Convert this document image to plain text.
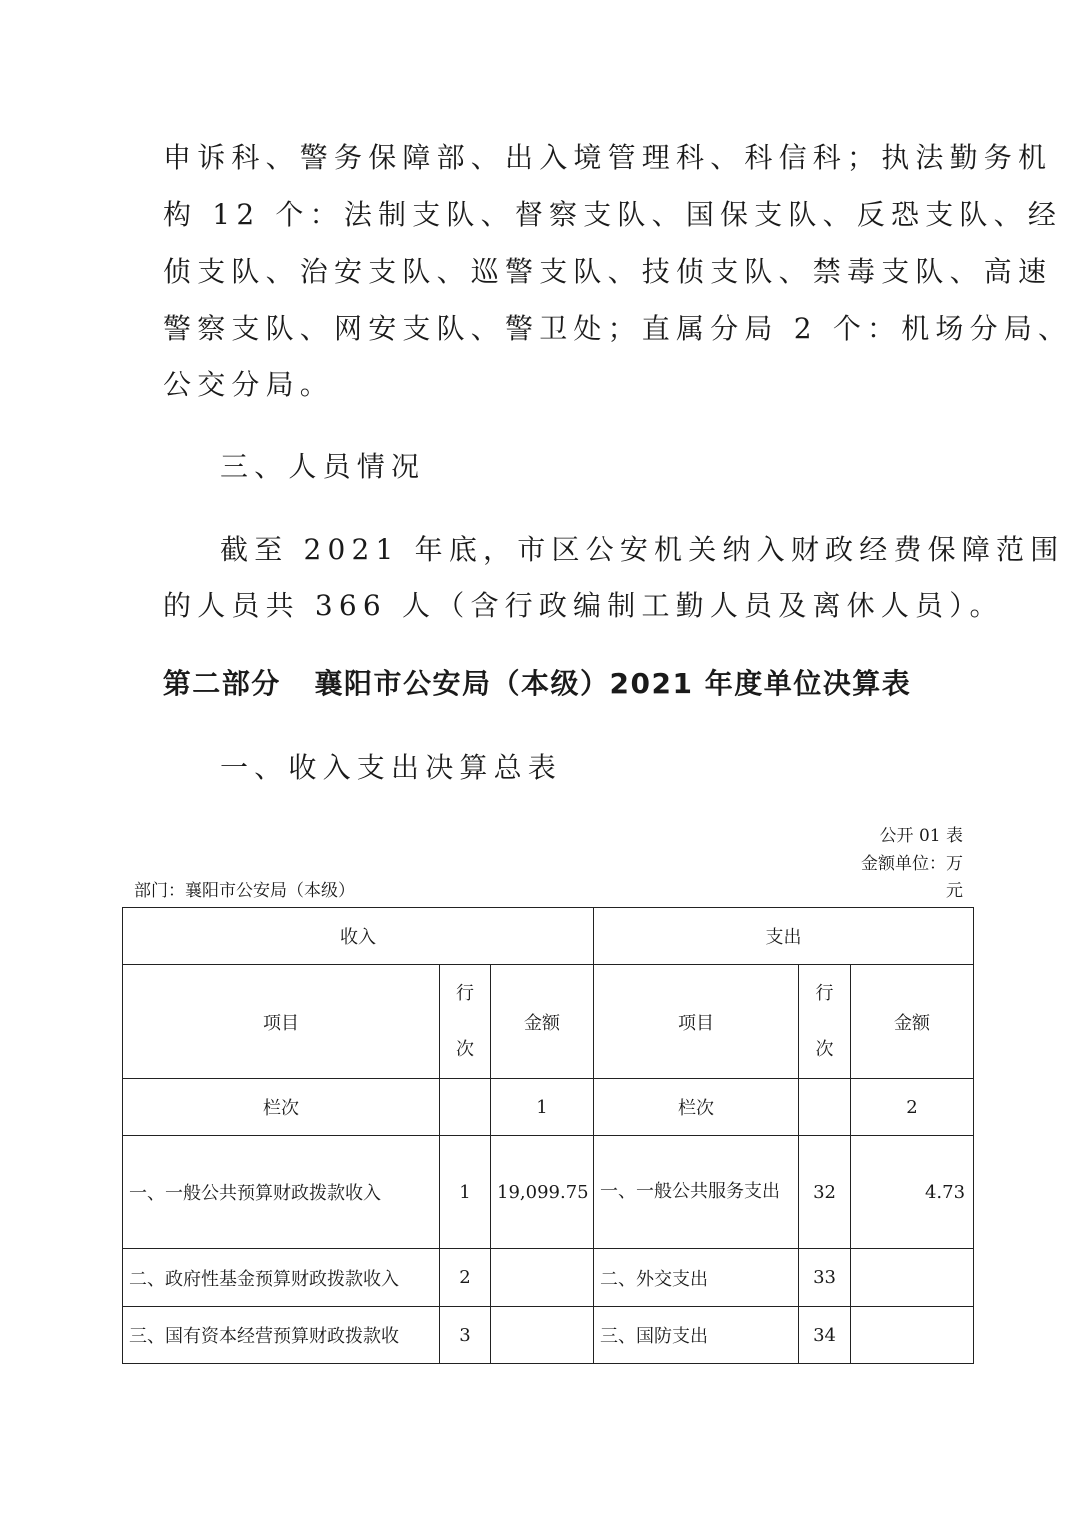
申诉科、警务保障部、出入境管理科、科信科；执法勤务机
构 12 个：法制支队、督察支队、国保支队、反恐支队、经
侦支队、治安支队、巡警支队、技侦支队、禁毒支队、高速
警察支队、网安支队、警卫处；直属分局 2 个：机场分局、
公交分局。
三、人员情况
截至 2021 年底，市区公安机关纳入财政经费保障范围
的人员共 366 人（含行政编制工勤人员及离休人员）。
第二部分   襄阳市公安局（本级）2021 年度单位决算表
一、收入支出决算总表
公开 01 表
金额单位：万
元
部门：襄阳市公安局（本级）
收入			支出		
项目	行次	金额	项目	行次	金额
栏次		1	栏次		2
一、一般公共预算财政拨款收入	1	19,099.75	一、一般公共服务支出	32	4.73
二、政府性基金预算财政拨款收入	2		二、外交支出	33	
三、国有资本经营预算财政拨款收	3		三、国防支出	34	
